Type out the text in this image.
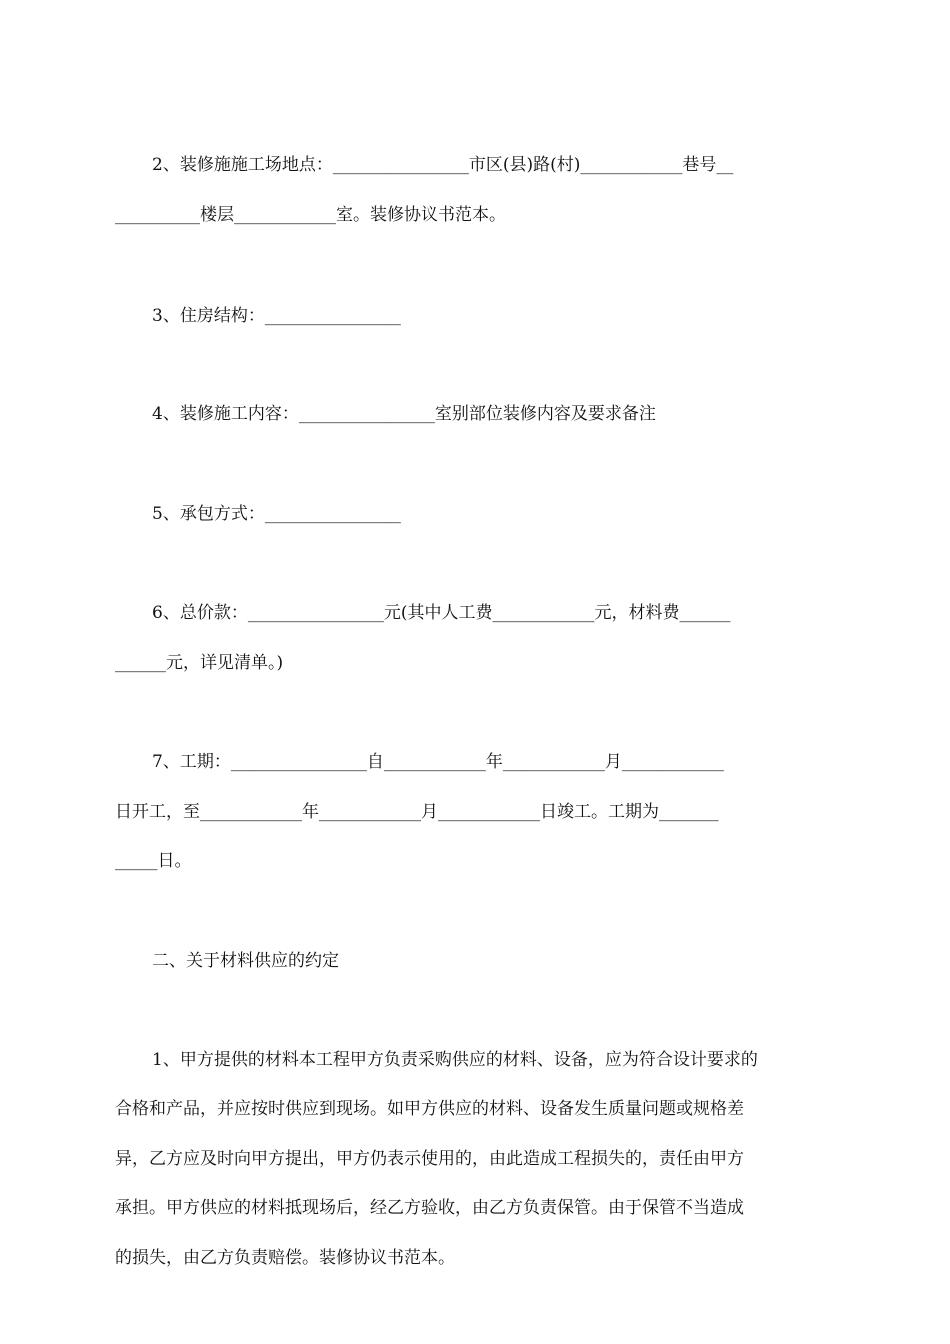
2、装修施施工场地点：________________市区(县)路(村)____________巷号__
__________楼层____________室。装修协议书范本。
3、住房结构：________________
4、装修施工内容：________________室别部位装修内容及要求备注
5、承包方式：________________
6、总价款：________________元(其中人工费____________元，材料费______
______元，详见清单。)
7、工期：________________自____________年____________月____________
日开工，至____________年____________月____________日竣工。工期为_______
_____日。
二、关于材料供应的约定
1、甲方提供的材料本工程甲方负责采购供应的材料、设备，应为符合设计要求的
合格和产品，并应按时供应到现场。如甲方供应的材料、设备发生质量问题或规格差
异，乙方应及时向甲方提出，甲方仍表示使用的，由此造成工程损失的，责任由甲方
承担。甲方供应的材料抵现场后，经乙方验收，由乙方负责保管。由于保管不当造成
的损失，由乙方负责赔偿。装修协议书范本。
